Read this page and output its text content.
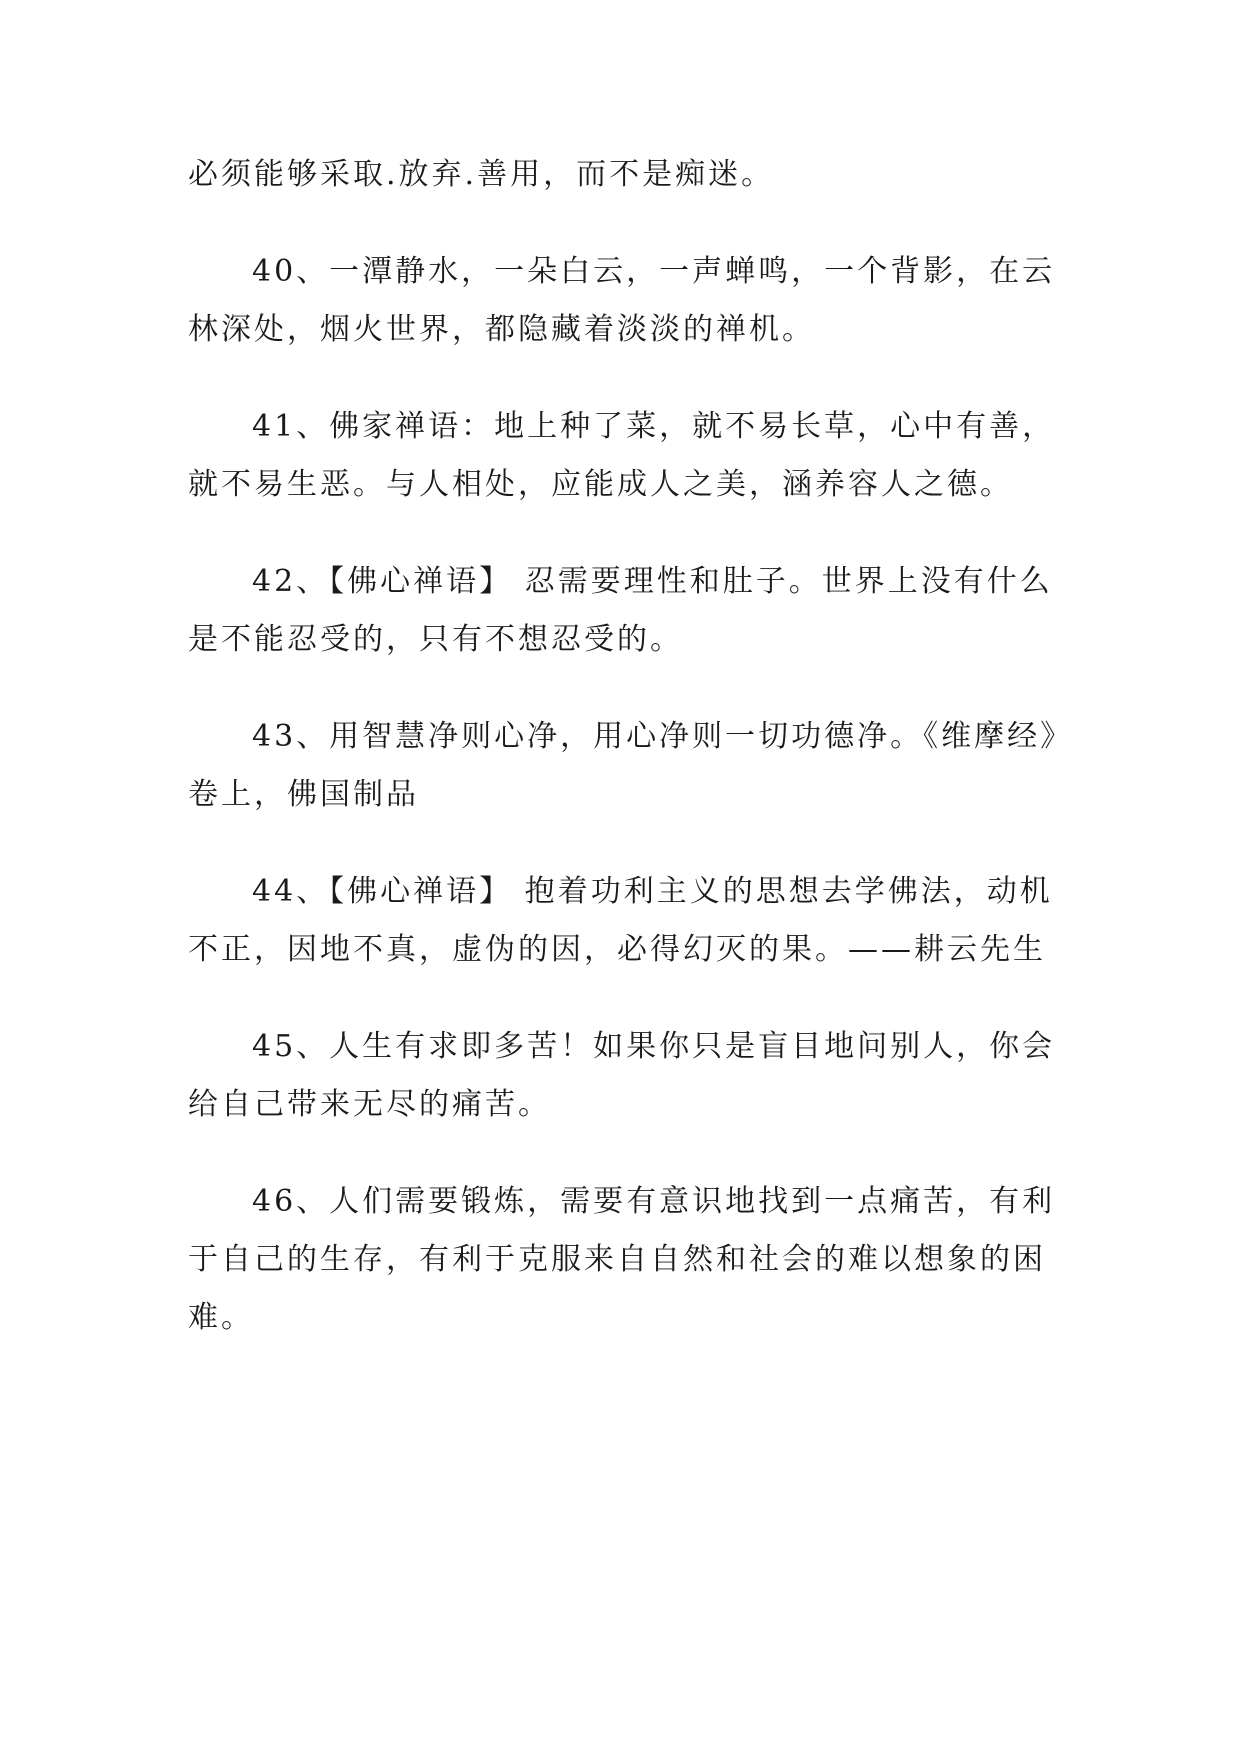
必须能够采取.放弃.善用，而不是痴迷。

40、一潭静水，一朵白云，一声蝉鸣，一个背影，在云
林深处，烟火世界，都隐藏着淡淡的禅机。

41、佛家禅语：地上种了菜，就不易长草，心中有善，
就不易生恶。与人相处，应能成人之美，涵养容人之德。

42、【佛心禅语】 忍需要理性和肚子。世界上没有什么
是不能忍受的，只有不想忍受的。

43、用智慧净则心净，用心净则一切功德净。《维摩经》
卷上，佛国制品

44、【佛心禅语】 抱着功利主义的思想去学佛法，动机
不正，因地不真，虚伪的因，必得幻灭的果。——耕云先生

45、人生有求即多苦！如果你只是盲目地问别人，你会
给自己带来无尽的痛苦。

46、人们需要锻炼，需要有意识地找到一点痛苦，有利
于自己的生存，有利于克服来自自然和社会的难以想象的困
难。
